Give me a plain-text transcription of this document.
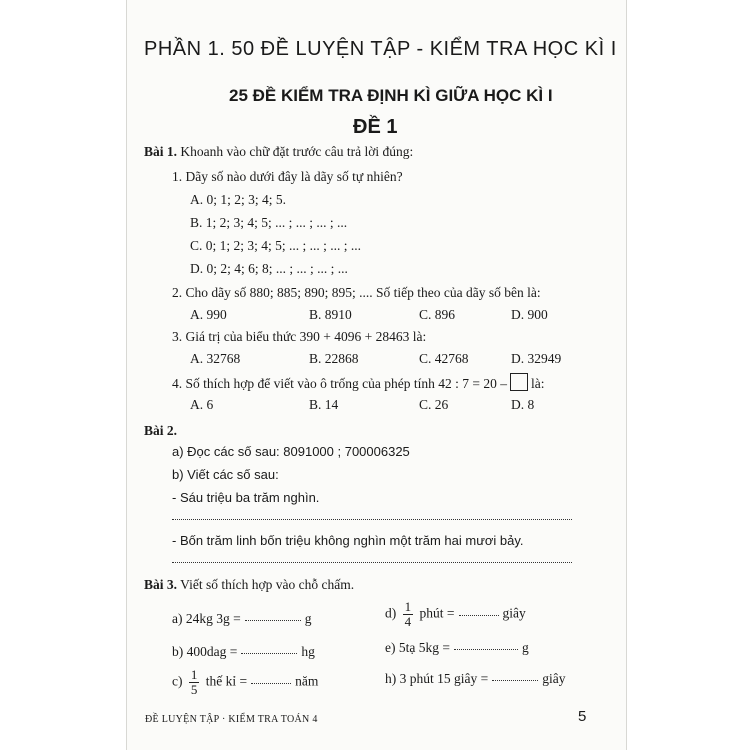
PHẦN 1. 50 ĐỀ LUYỆN TẬP - KIỂM TRA HỌC KÌ I
25 ĐỀ KIỂM TRA ĐỊNH KÌ GIỮA HỌC KÌ I
ĐỀ 1
Bài 1. Khoanh vào chữ đặt trước câu trả lời đúng:
1. Dãy số nào dưới đây là dãy số tự nhiên?
A. 0; 1; 2; 3; 4; 5.
B. 1; 2; 3; 4; 5; ... ; ... ; ... ; ...
C. 0; 1; 2; 3; 4; 5; ... ; ... ; ... ; ...
D. 0; 2; 4; 6; 8; ... ; ... ; ... ; ...
2. Cho dãy số 880; 885; 890; 895; .... Số tiếp theo của dãy số bên là:
A. 990	B. 8910	C. 896	D. 900
3. Giá trị của biểu thức 390 + 4096 + 28463 là:
A. 32768	B. 22868	C. 42768	D. 32949
4. Số thích hợp để viết vào ô trống của phép tính 42 : 7 = 20 – là:
A. 6	B. 14	C. 26	D. 8
Bài 2.
a) Đọc các số sau: 8091000 ; 700006325
b) Viết các số sau:
- Sáu triệu ba trăm nghìn.
- Bốn trăm linh bốn triệu không nghìn một trăm hai mươi bảy.
Bài 3. Viết số thích hợp vào chỗ chấm.
a) 24kg 3g =	g	$d) \frac{1}{4}$ phút =	giây
b) 400dag =	hg	e) 5tạ 5kg =	g
$c) \frac{1}{5}$ thế kỉ =	năm	h) 3 phút 15 giây =	giây
ĐỀ LUYỆN TẬP · KIỂM TRA TOÁN 4	5
